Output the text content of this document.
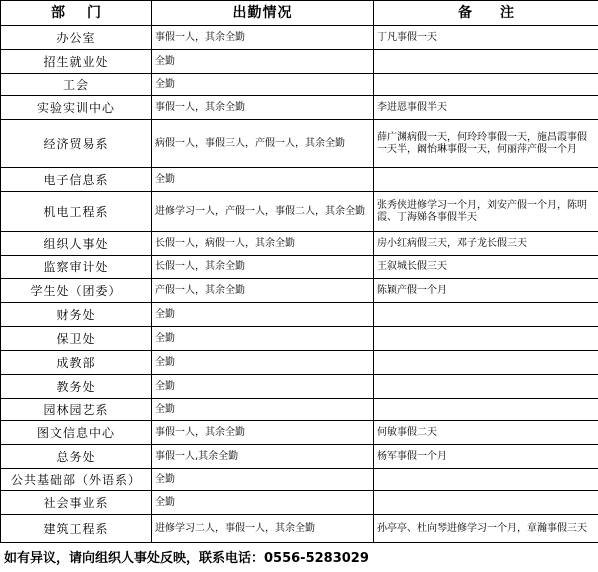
部门	出勤情况	备注
办公室	事假一人，其余全勤	丁凡事假一天
招生就业处	全勤	
工会	全勤	
实验实训中心	事假一人，其余全勤	李进恩事假半天
经济贸易系	病假一人，事假三人，产假一人，其余全勤	薛广渊病假一天，何玲玲事假一天，施昌霞事假一天半，阚怡琳事假一天，何丽萍产假一个月
电子信息系	全勤	
机电工程系	进修学习一人，产假一人，事假二人，其余全勤	张秀侠进修学习一个月，刘安产假一个月，陈明霞、丁海娣各事假半天
组织人事处	长假一人，病假一人，其余全勤	房小红病假三天，邓子龙长假三天
监察审计处	长假一人，其余全勤	王叙城长假三天
学生处（团委）	产假一人，其余全勤	陈颖产假一个月
财务处	全勤	
保卫处	全勤	
成教部	全勤	
教务处	全勤	
园林园艺系	全勤	
图文信息中心	事假一人，其余全勤	何敏事假二天
总务处	事假一人,其余全勤	杨军事假一个月
公共基础部（外语系）	全勤	
社会事业系	全勤	
建筑工程系	进修学习二人，事假一人，其余全勤	孙亭亭、杜向琴进修学习一个月，章瀚事假三天
如有异议，请向组织人事处反映，联系电话：0556-5283029
